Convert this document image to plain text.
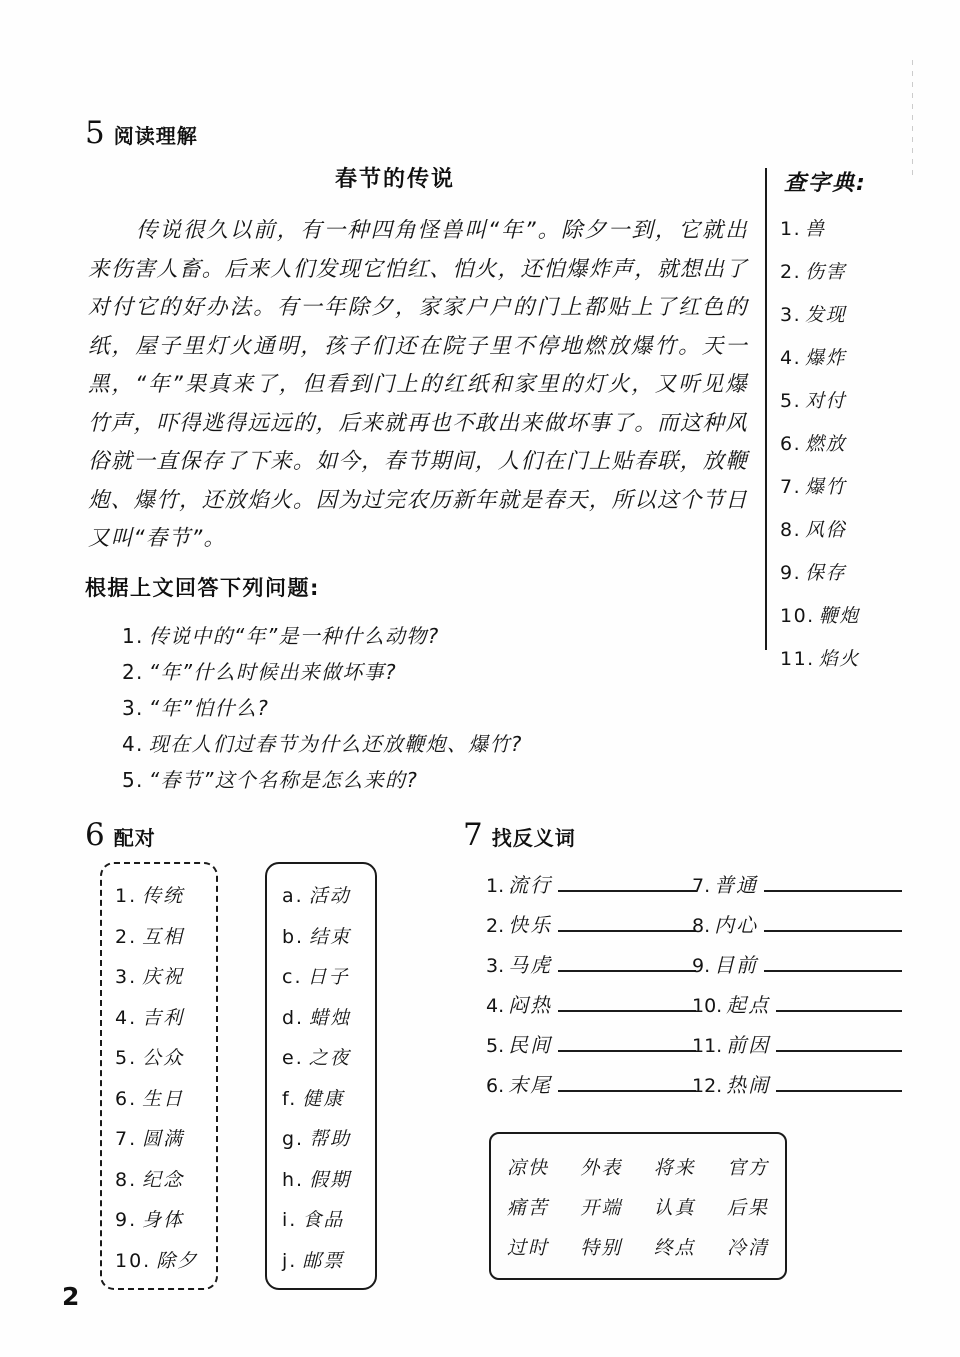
5 阅读理解
春节的传说
传说很久以前，有一种四角怪兽叫“年”。除夕一到，它就出来伤害人畜。后来人们发现它怕红、怕火，还怕爆炸声，就想出了对付它的好办法。有一年除夕，家家户户的门上都贴上了红色的纸，屋子里灯火通明，孩子们还在院子里不停地燃放爆竹。天一黑，“年”果真来了，但看到门上的红纸和家里的灯火，又听见爆竹声，吓得逃得远远的，后来就再也不敢出来做坏事了。而这种风俗就一直保存了下来。如今，春节期间，人们在门上贴春联，放鞭炮、爆竹，还放焰火。因为过完农历新年就是春天，所以这个节日又叫“春节”。
查字典:
1. 兽
2. 伤害
3. 发现
4. 爆炸
5. 对付
6. 燃放
7. 爆竹
8. 风俗
9. 保存
10. 鞭炮
11. 焰火
根据上文回答下列问题:
1. 传说中的“年”是一种什么动物?
2. “年”什么时候出来做坏事?
3. “年”怕什么?
4. 现在人们过春节为什么还放鞭炮、爆竹?
5. “春节”这个名称是怎么来的?
6 配对
1. 传统
2. 互相
3. 庆祝
4. 吉利
5. 公众
6. 生日
7. 圆满
8. 纪念
9. 身体
10. 除夕
a. 活动
b. 结束
c. 日子
d. 蜡烛
e. 之夜
f. 健康
g. 帮助
h. 假期
i. 食品
j. 邮票
7 找反义词
1. 流行
2. 快乐
3. 马虎
4. 闷热
5. 民间
6. 末尾
7. 普通
8. 内心
9. 目前
10. 起点
11. 前因
12. 热闹
凉快 外表 将来 官方
痛苦 开端 认真 后果
过时 特别 终点 冷清
2
